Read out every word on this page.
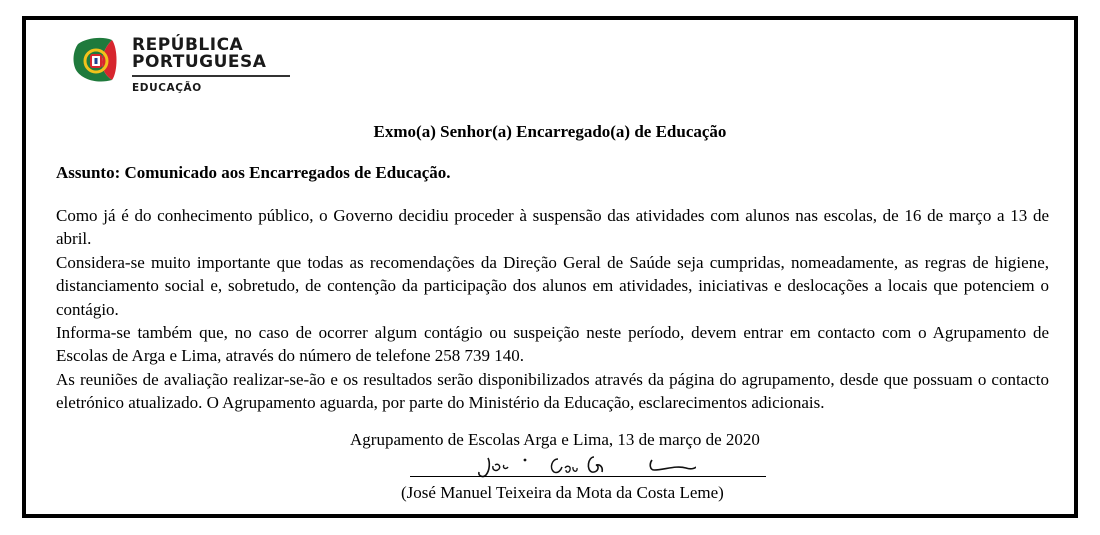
REPÚBLICA
PORTUGUESA
EDUCAÇÃO
Exmo(a) Senhor(a) Encarregado(a) de Educação
Assunto: Comunicado aos Encarregados de Educação.

Como já é do conhecimento público, o Governo decidiu proceder à suspensão das atividades com alunos nas escolas, de 16 de março a 13 de abril.

Considera-se muito importante que todas as recomendações da Direção Geral de Saúde seja cumpridas, nomeadamente, as regras de higiene, distanciamento social e, sobretudo, de contenção da participação dos alunos em atividades, iniciativas e deslocações a locais que potenciem o contágio.

Informa-se também que, no caso de ocorrer algum contágio ou suspeição neste período, devem entrar em contacto com o Agrupamento de Escolas de Arga e Lima, através do número de telefone 258 739 140.

As reuniões de avaliação realizar-se-ão e os resultados serão disponibilizados através da página do agrupamento, desde que possuam o contacto eletrónico atualizado. O Agrupamento aguarda, por parte do Ministério da Educação, esclarecimentos adicionais.

Agrupamento de Escolas Arga e Lima, 13 de março de 2020
(José Manuel Teixeira da Mota da Costa Leme)
